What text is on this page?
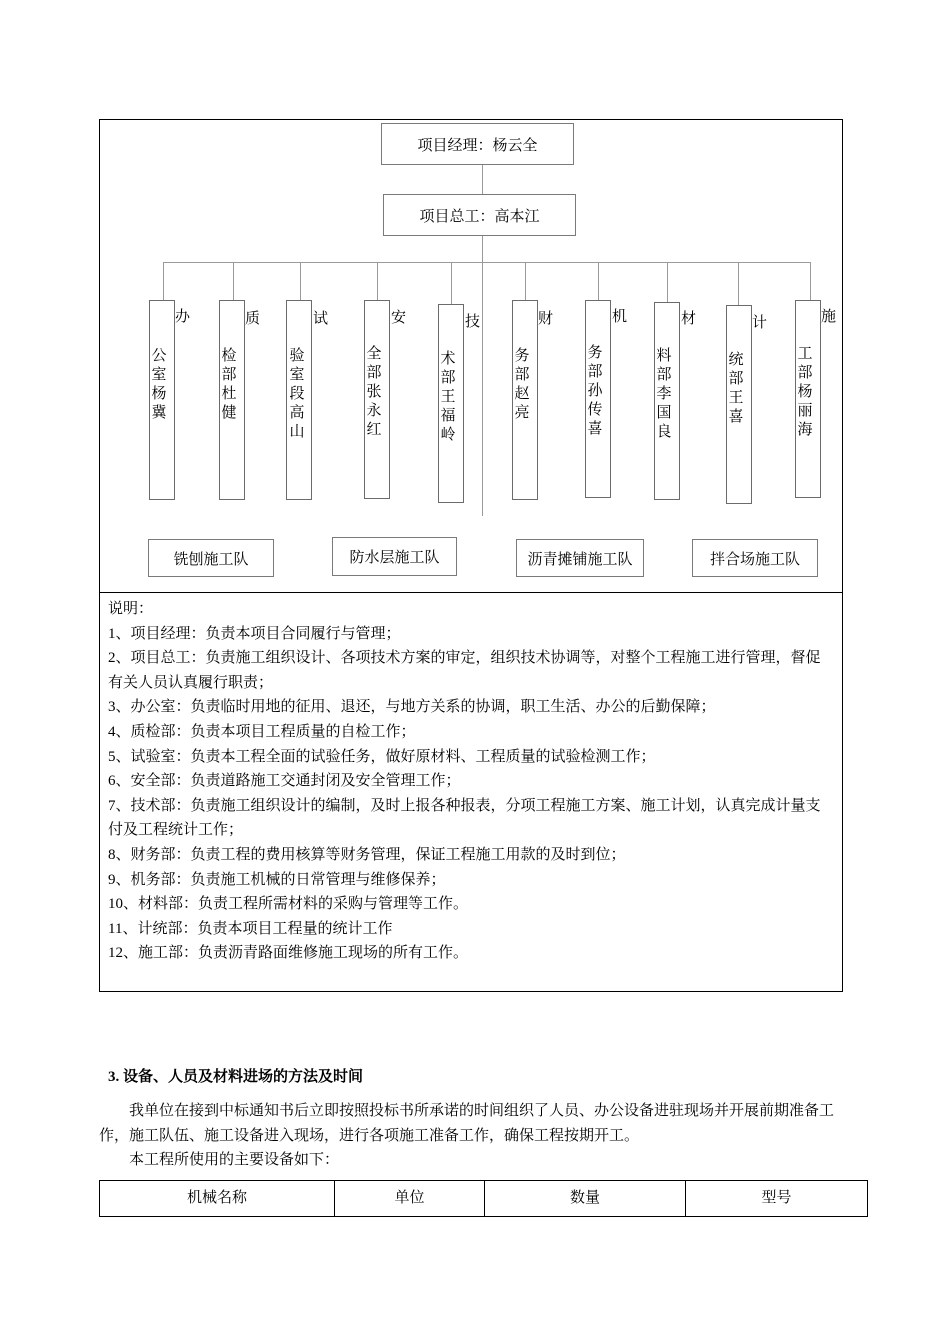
项目经理：杨云全
项目总工：高本江
办
公室杨冀
质
检部杜健
试
验室段高山
安
全部张永红
技
术部王福岭
财
务部赵亮
机
务部孙传喜
材
料部李国良
计
统部王喜
施
工部杨丽海
铣刨施工队	防水层施工队	沥青摊铺施工队	拌合场施工队

说明：

1、项目经理：负责本项目合同履行与管理；

2、项目总工：负责施工组织设计、各项技术方案的审定，组织技术协调等，对整个工程施工进行管理，督促有关人员认真履行职责；

3、办公室：负责临时用地的征用、退还，与地方关系的协调，职工生活、办公的后勤保障；

4、质检部：负责本项目工程质量的自检工作；

5、试验室：负责本工程全面的试验任务，做好原材料、工程质量的试验检测工作；

6、安全部：负责道路施工交通封闭及安全管理工作；

7、技术部：负责施工组织设计的编制，及时上报各种报表，分项工程施工方案、施工计划，认真完成计量支付及工程统计工作；

8、财务部：负责工程的费用核算等财务管理，保证工程施工用款的及时到位；

9、机务部：负责施工机械的日常管理与维修保养；

10、材料部：负责工程所需材料的采购与管理等工作。

11、计统部：负责本项目工程量的统计工作

12、施工部：负责沥青路面维修施工现场的所有工作。

3. 设备、人员及材料进场的方法及时间

我单位在接到中标通知书后立即按照投标书所承诺的时间组织了人员、办公设备进驻现场并开展前期准备工作，施工队伍、施工设备进入现场，进行各项施工准备工作，确保工程按期开工。

本工程所使用的主要设备如下：

机械名称	单位	数量	型号
